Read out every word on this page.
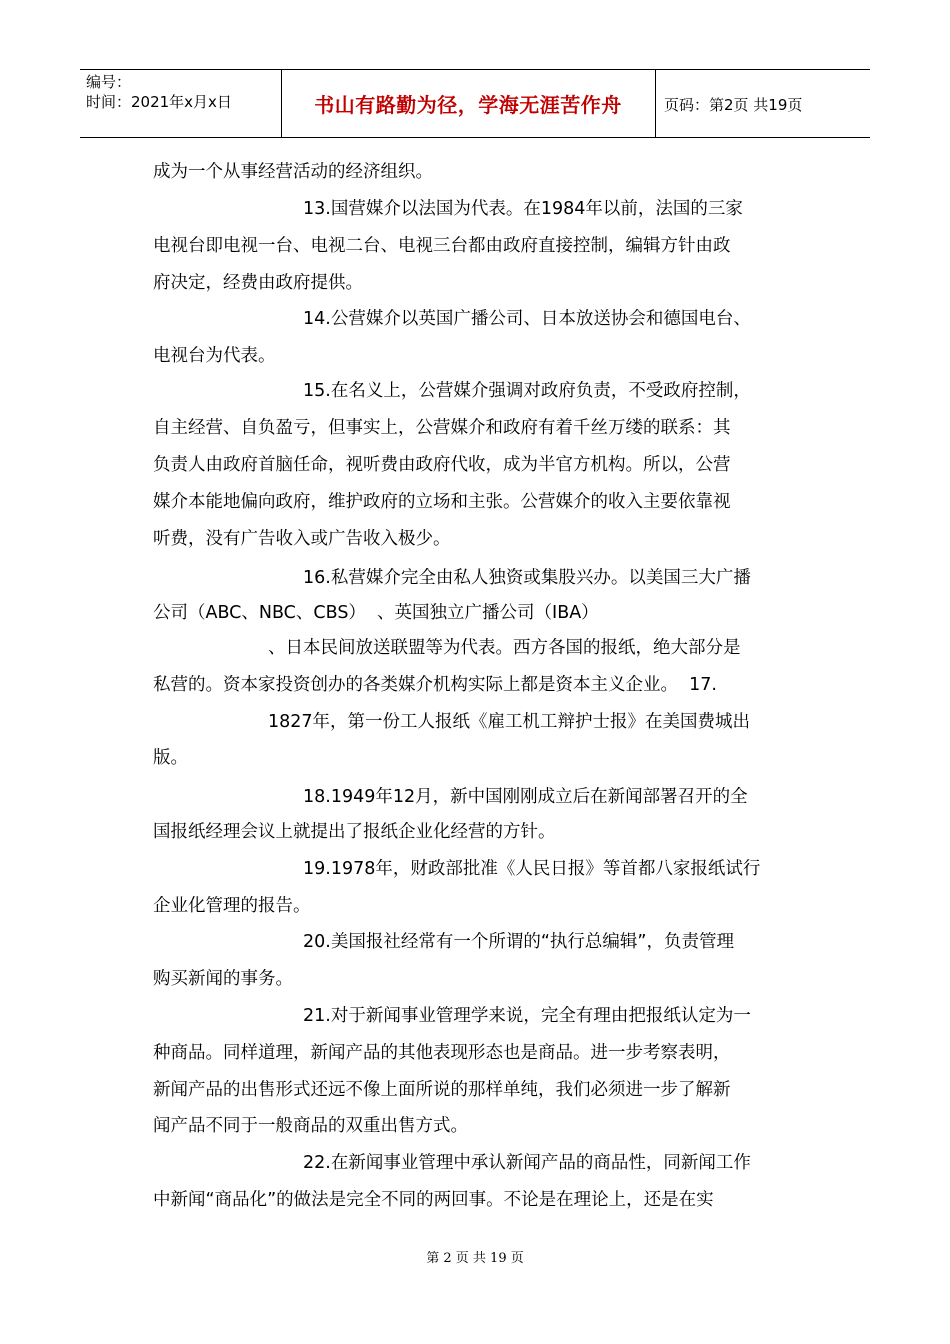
编号：
时间：2021年x月x日	书山有路勤为径，学海无涯苦作舟	页码：第2页 共19页
成为一个从事经营活动的经济组织。
13.国营媒介以法国为代表。在1984年以前，法国的三家
电视台即电视一台、电视二台、电视三台都由政府直接控制，编辑方针由政
府决定，经费由政府提供。
14.公营媒介以英国广播公司、日本放送协会和德国电台、
电视台为代表。
15.在名义上，公营媒介强调对政府负责，不受政府控制，
自主经营、自负盈亏，但事实上，公营媒介和政府有着千丝万缕的联系：其
负责人由政府首脑任命，视听费由政府代收，成为半官方机构。所以，公营
媒介本能地偏向政府，维护政府的立场和主张。公营媒介的收入主要依靠视
听费，没有广告收入或广告收入极少。
16.私营媒介完全由私人独资或集股兴办。以美国三大广播
公司（ABC、NBC、CBS）  、英国独立广播公司（IBA）
、日本民间放送联盟等为代表。西方各国的报纸，绝大部分是
私营的。资本家投资创办的各类媒介机构实际上都是资本主义企业。  17.
1827年，第一份工人报纸《雇工机工辩护士报》在美国费城出
版。
18.1949年12月，新中国刚刚成立后在新闻部署召开的全
国报纸经理会议上就提出了报纸企业化经营的方针。
19.1978年，财政部批准《人民日报》等首都八家报纸试行
企业化管理的报告。
20.美国报社经常有一个所谓的“执行总编辑”，负责管理
购买新闻的事务。
21.对于新闻事业管理学来说，完全有理由把报纸认定为一
种商品。同样道理，新闻产品的其他表现形态也是商品。进一步考察表明，
新闻产品的出售形式还远不像上面所说的那样单纯，我们必须进一步了解新
闻产品不同于一般商品的双重出售方式。
22.在新闻事业管理中承认新闻产品的商品性，同新闻工作
中新闻“商品化”的做法是完全不同的两回事。不论是在理论上，还是在实
第 2 页 共 19 页
